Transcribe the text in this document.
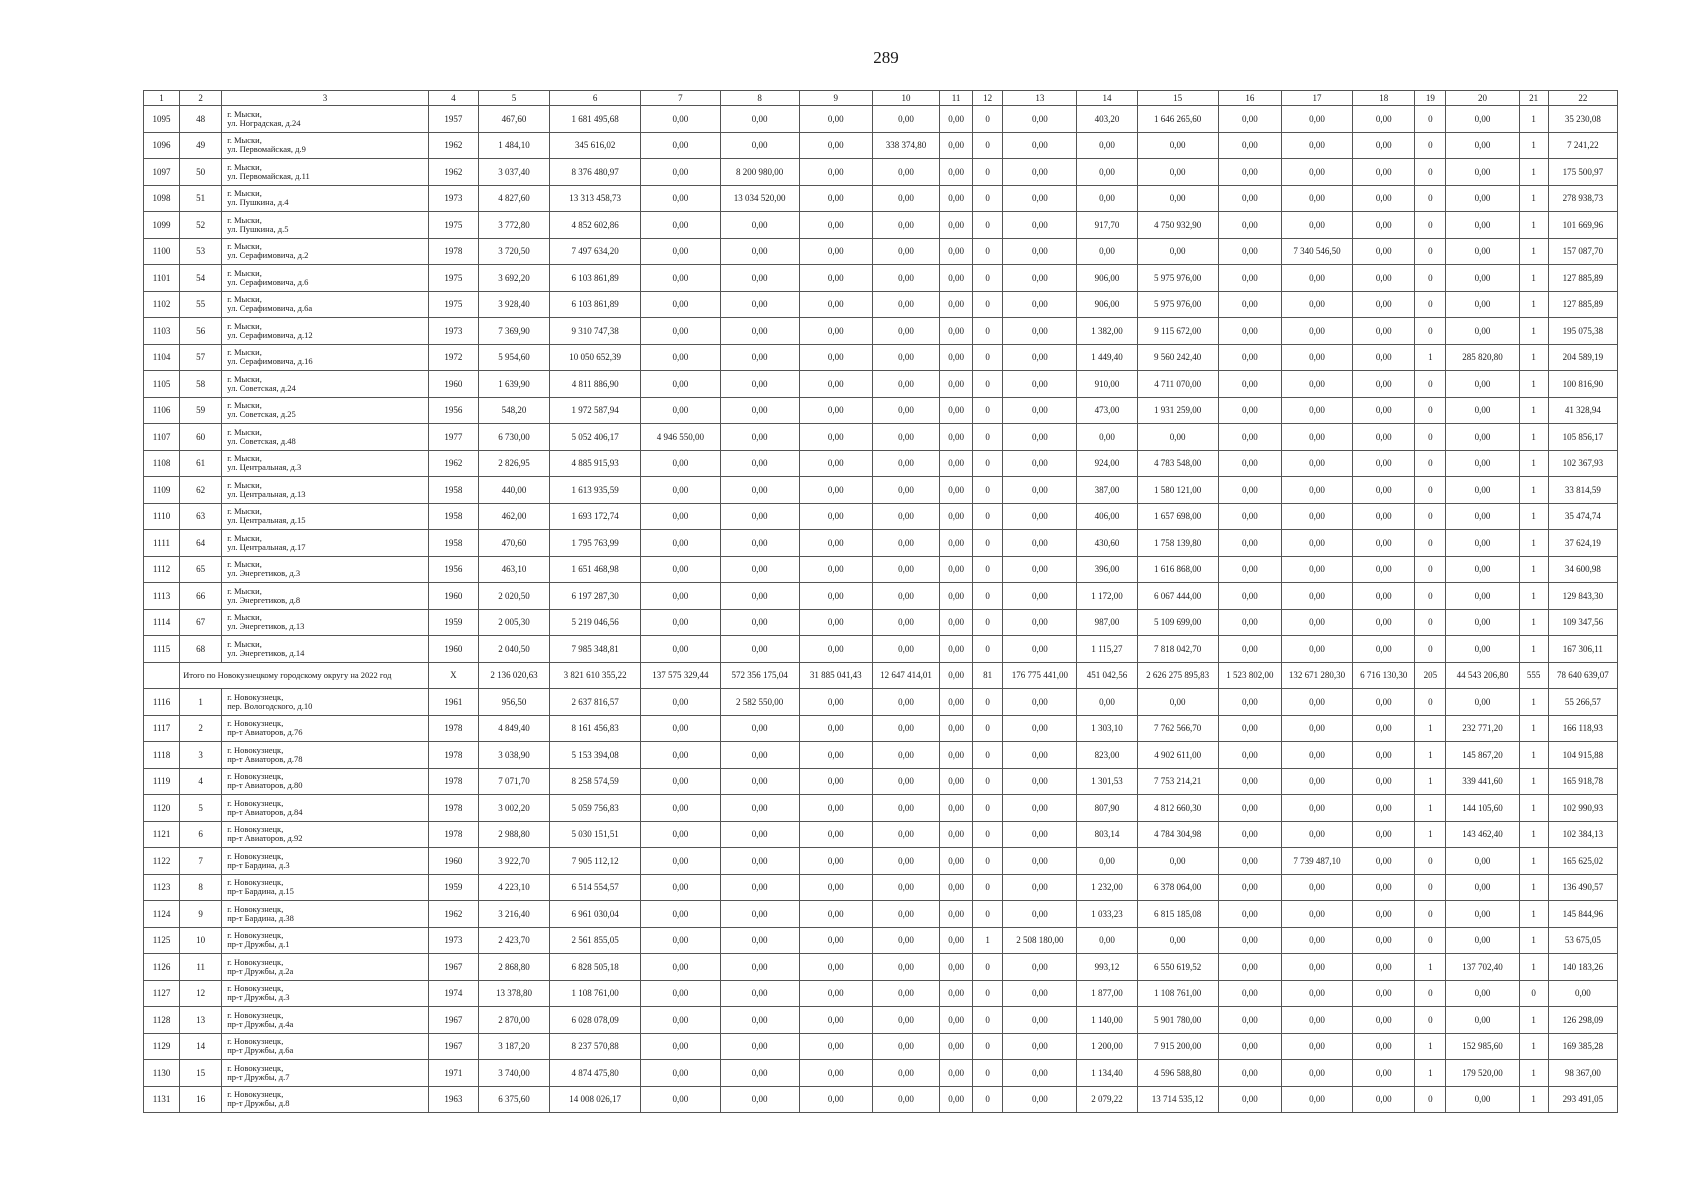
289
1	2	3	4	5	6	7	8	9	10	11	12	13	14	15	16	17	18	19	20	21	22
1095	48	г. Мыски,
ул. Ноградская, д.24	1957	467,60	1 681 495,68	0,00	0,00	0,00	0,00	0,00	0	0,00	403,20	1 646 265,60	0,00	0,00	0,00	0	0,00	1	35 230,08
1096	49	г. Мыски,
ул. Первомайская, д.9	1962	1 484,10	345 616,02	0,00	0,00	0,00	338 374,80	0,00	0	0,00	0,00	0,00	0,00	0,00	0,00	0	0,00	1	7 241,22
1097	50	г. Мыски,
ул. Первомайская, д.11	1962	3 037,40	8 376 480,97	0,00	8 200 980,00	0,00	0,00	0,00	0	0,00	0,00	0,00	0,00	0,00	0,00	0	0,00	1	175 500,97
1098	51	г. Мыски,
ул. Пушкина, д.4	1973	4 827,60	13 313 458,73	0,00	13 034 520,00	0,00	0,00	0,00	0	0,00	0,00	0,00	0,00	0,00	0,00	0	0,00	1	278 938,73
1099	52	г. Мыски,
ул. Пушкина, д.5	1975	3 772,80	4 852 602,86	0,00	0,00	0,00	0,00	0,00	0	0,00	917,70	4 750 932,90	0,00	0,00	0,00	0	0,00	1	101 669,96
1100	53	г. Мыски,
ул. Серафимовича, д.2	1978	3 720,50	7 497 634,20	0,00	0,00	0,00	0,00	0,00	0	0,00	0,00	0,00	0,00	7 340 546,50	0,00	0	0,00	1	157 087,70
1101	54	г. Мыски,
ул. Серафимовича, д.6	1975	3 692,20	6 103 861,89	0,00	0,00	0,00	0,00	0,00	0	0,00	906,00	5 975 976,00	0,00	0,00	0,00	0	0,00	1	127 885,89
1102	55	г. Мыски,
ул. Серафимовича, д.6а	1975	3 928,40	6 103 861,89	0,00	0,00	0,00	0,00	0,00	0	0,00	906,00	5 975 976,00	0,00	0,00	0,00	0	0,00	1	127 885,89
1103	56	г. Мыски,
ул. Серафимовича, д.12	1973	7 369,90	9 310 747,38	0,00	0,00	0,00	0,00	0,00	0	0,00	1 382,00	9 115 672,00	0,00	0,00	0,00	0	0,00	1	195 075,38
1104	57	г. Мыски,
ул. Серафимовича, д.16	1972	5 954,60	10 050 652,39	0,00	0,00	0,00	0,00	0,00	0	0,00	1 449,40	9 560 242,40	0,00	0,00	0,00	1	285 820,80	1	204 589,19
1105	58	г. Мыски,
ул. Советская, д.24	1960	1 639,90	4 811 886,90	0,00	0,00	0,00	0,00	0,00	0	0,00	910,00	4 711 070,00	0,00	0,00	0,00	0	0,00	1	100 816,90
1106	59	г. Мыски,
ул. Советская, д.25	1956	548,20	1 972 587,94	0,00	0,00	0,00	0,00	0,00	0	0,00	473,00	1 931 259,00	0,00	0,00	0,00	0	0,00	1	41 328,94
1107	60	г. Мыски,
ул. Советская, д.48	1977	6 730,00	5 052 406,17	4 946 550,00	0,00	0,00	0,00	0,00	0	0,00	0,00	0,00	0,00	0,00	0,00	0	0,00	1	105 856,17
1108	61	г. Мыски,
ул. Центральная, д.3	1962	2 826,95	4 885 915,93	0,00	0,00	0,00	0,00	0,00	0	0,00	924,00	4 783 548,00	0,00	0,00	0,00	0	0,00	1	102 367,93
1109	62	г. Мыски,
ул. Центральная, д.13	1958	440,00	1 613 935,59	0,00	0,00	0,00	0,00	0,00	0	0,00	387,00	1 580 121,00	0,00	0,00	0,00	0	0,00	1	33 814,59
1110	63	г. Мыски,
ул. Центральная, д.15	1958	462,00	1 693 172,74	0,00	0,00	0,00	0,00	0,00	0	0,00	406,00	1 657 698,00	0,00	0,00	0,00	0	0,00	1	35 474,74
1111	64	г. Мыски,
ул. Центральная, д.17	1958	470,60	1 795 763,99	0,00	0,00	0,00	0,00	0,00	0	0,00	430,60	1 758 139,80	0,00	0,00	0,00	0	0,00	1	37 624,19
1112	65	г. Мыски,
ул. Энергетиков, д.3	1956	463,10	1 651 468,98	0,00	0,00	0,00	0,00	0,00	0	0,00	396,00	1 616 868,00	0,00	0,00	0,00	0	0,00	1	34 600,98
1113	66	г. Мыски,
ул. Энергетиков, д.8	1960	2 020,50	6 197 287,30	0,00	0,00	0,00	0,00	0,00	0	0,00	1 172,00	6 067 444,00	0,00	0,00	0,00	0	0,00	1	129 843,30
1114	67	г. Мыски,
ул. Энергетиков, д.13	1959	2 005,30	5 219 046,56	0,00	0,00	0,00	0,00	0,00	0	0,00	987,00	5 109 699,00	0,00	0,00	0,00	0	0,00	1	109 347,56
1115	68	г. Мыски,
ул. Энергетиков, д.14	1960	2 040,50	7 985 348,81	0,00	0,00	0,00	0,00	0,00	0	0,00	1 115,27	7 818 042,70	0,00	0,00	0,00	0	0,00	1	167 306,11
	Итого по Новокузнецкому городскому округу на 2022 год		X	2 136 020,63	3 821 610 355,22	137 575 329,44	572 356 175,04	31 885 041,43	12 647 414,01	0,00	81	176 775 441,00	451 042,56	2 626 275 895,83	1 523 802,00	132 671 280,30	6 716 130,30	205	44 543 206,80	555	78 640 639,07
1116	1	г. Новокузнецк,
пер. Вологодского, д.10	1961	956,50	2 637 816,57	0,00	2 582 550,00	0,00	0,00	0,00	0	0,00	0,00	0,00	0,00	0,00	0,00	0	0,00	1	55 266,57
1117	2	г. Новокузнецк,
пр-т Авиаторов, д.76	1978	4 849,40	8 161 456,83	0,00	0,00	0,00	0,00	0,00	0	0,00	1 303,10	7 762 566,70	0,00	0,00	0,00	1	232 771,20	1	166 118,93
1118	3	г. Новокузнецк,
пр-т Авиаторов, д.78	1978	3 038,90	5 153 394,08	0,00	0,00	0,00	0,00	0,00	0	0,00	823,00	4 902 611,00	0,00	0,00	0,00	1	145 867,20	1	104 915,88
1119	4	г. Новокузнецк,
пр-т Авиаторов, д.80	1978	7 071,70	8 258 574,59	0,00	0,00	0,00	0,00	0,00	0	0,00	1 301,53	7 753 214,21	0,00	0,00	0,00	1	339 441,60	1	165 918,78
1120	5	г. Новокузнецк,
пр-т Авиаторов, д.84	1978	3 002,20	5 059 756,83	0,00	0,00	0,00	0,00	0,00	0	0,00	807,90	4 812 660,30	0,00	0,00	0,00	1	144 105,60	1	102 990,93
1121	6	г. Новокузнецк,
пр-т Авиаторов, д.92	1978	2 988,80	5 030 151,51	0,00	0,00	0,00	0,00	0,00	0	0,00	803,14	4 784 304,98	0,00	0,00	0,00	1	143 462,40	1	102 384,13
1122	7	г. Новокузнецк,
пр-т Бардина, д.3	1960	3 922,70	7 905 112,12	0,00	0,00	0,00	0,00	0,00	0	0,00	0,00	0,00	0,00	7 739 487,10	0,00	0	0,00	1	165 625,02
1123	8	г. Новокузнецк,
пр-т Бардина, д.15	1959	4 223,10	6 514 554,57	0,00	0,00	0,00	0,00	0,00	0	0,00	1 232,00	6 378 064,00	0,00	0,00	0,00	0	0,00	1	136 490,57
1124	9	г. Новокузнецк,
пр-т Бардина, д.38	1962	3 216,40	6 961 030,04	0,00	0,00	0,00	0,00	0,00	0	0,00	1 033,23	6 815 185,08	0,00	0,00	0,00	0	0,00	1	145 844,96
1125	10	г. Новокузнецк,
пр-т Дружбы, д.1	1973	2 423,70	2 561 855,05	0,00	0,00	0,00	0,00	0,00	1	2 508 180,00	0,00	0,00	0,00	0,00	0,00	0	0,00	1	53 675,05
1126	11	г. Новокузнецк,
пр-т Дружбы, д.2а	1967	2 868,80	6 828 505,18	0,00	0,00	0,00	0,00	0,00	0	0,00	993,12	6 550 619,52	0,00	0,00	0,00	1	137 702,40	1	140 183,26
1127	12	г. Новокузнецк,
пр-т Дружбы, д.3	1974	13 378,80	1 108 761,00	0,00	0,00	0,00	0,00	0,00	0	0,00	1 877,00	1 108 761,00	0,00	0,00	0,00	0	0,00	0	0,00
1128	13	г. Новокузнецк,
пр-т Дружбы, д.4а	1967	2 870,00	6 028 078,09	0,00	0,00	0,00	0,00	0,00	0	0,00	1 140,00	5 901 780,00	0,00	0,00	0,00	0	0,00	1	126 298,09
1129	14	г. Новокузнецк,
пр-т Дружбы, д.6а	1967	3 187,20	8 237 570,88	0,00	0,00	0,00	0,00	0,00	0	0,00	1 200,00	7 915 200,00	0,00	0,00	0,00	1	152 985,60	1	169 385,28
1130	15	г. Новокузнецк,
пр-т Дружбы, д.7	1971	3 740,00	4 874 475,80	0,00	0,00	0,00	0,00	0,00	0	0,00	1 134,40	4 596 588,80	0,00	0,00	0,00	1	179 520,00	1	98 367,00
1131	16	г. Новокузнецк,
пр-т Дружбы, д.8	1963	6 375,60	14 008 026,17	0,00	0,00	0,00	0,00	0,00	0	0,00	2 079,22	13 714 535,12	0,00	0,00	0,00	0	0,00	1	293 491,05
